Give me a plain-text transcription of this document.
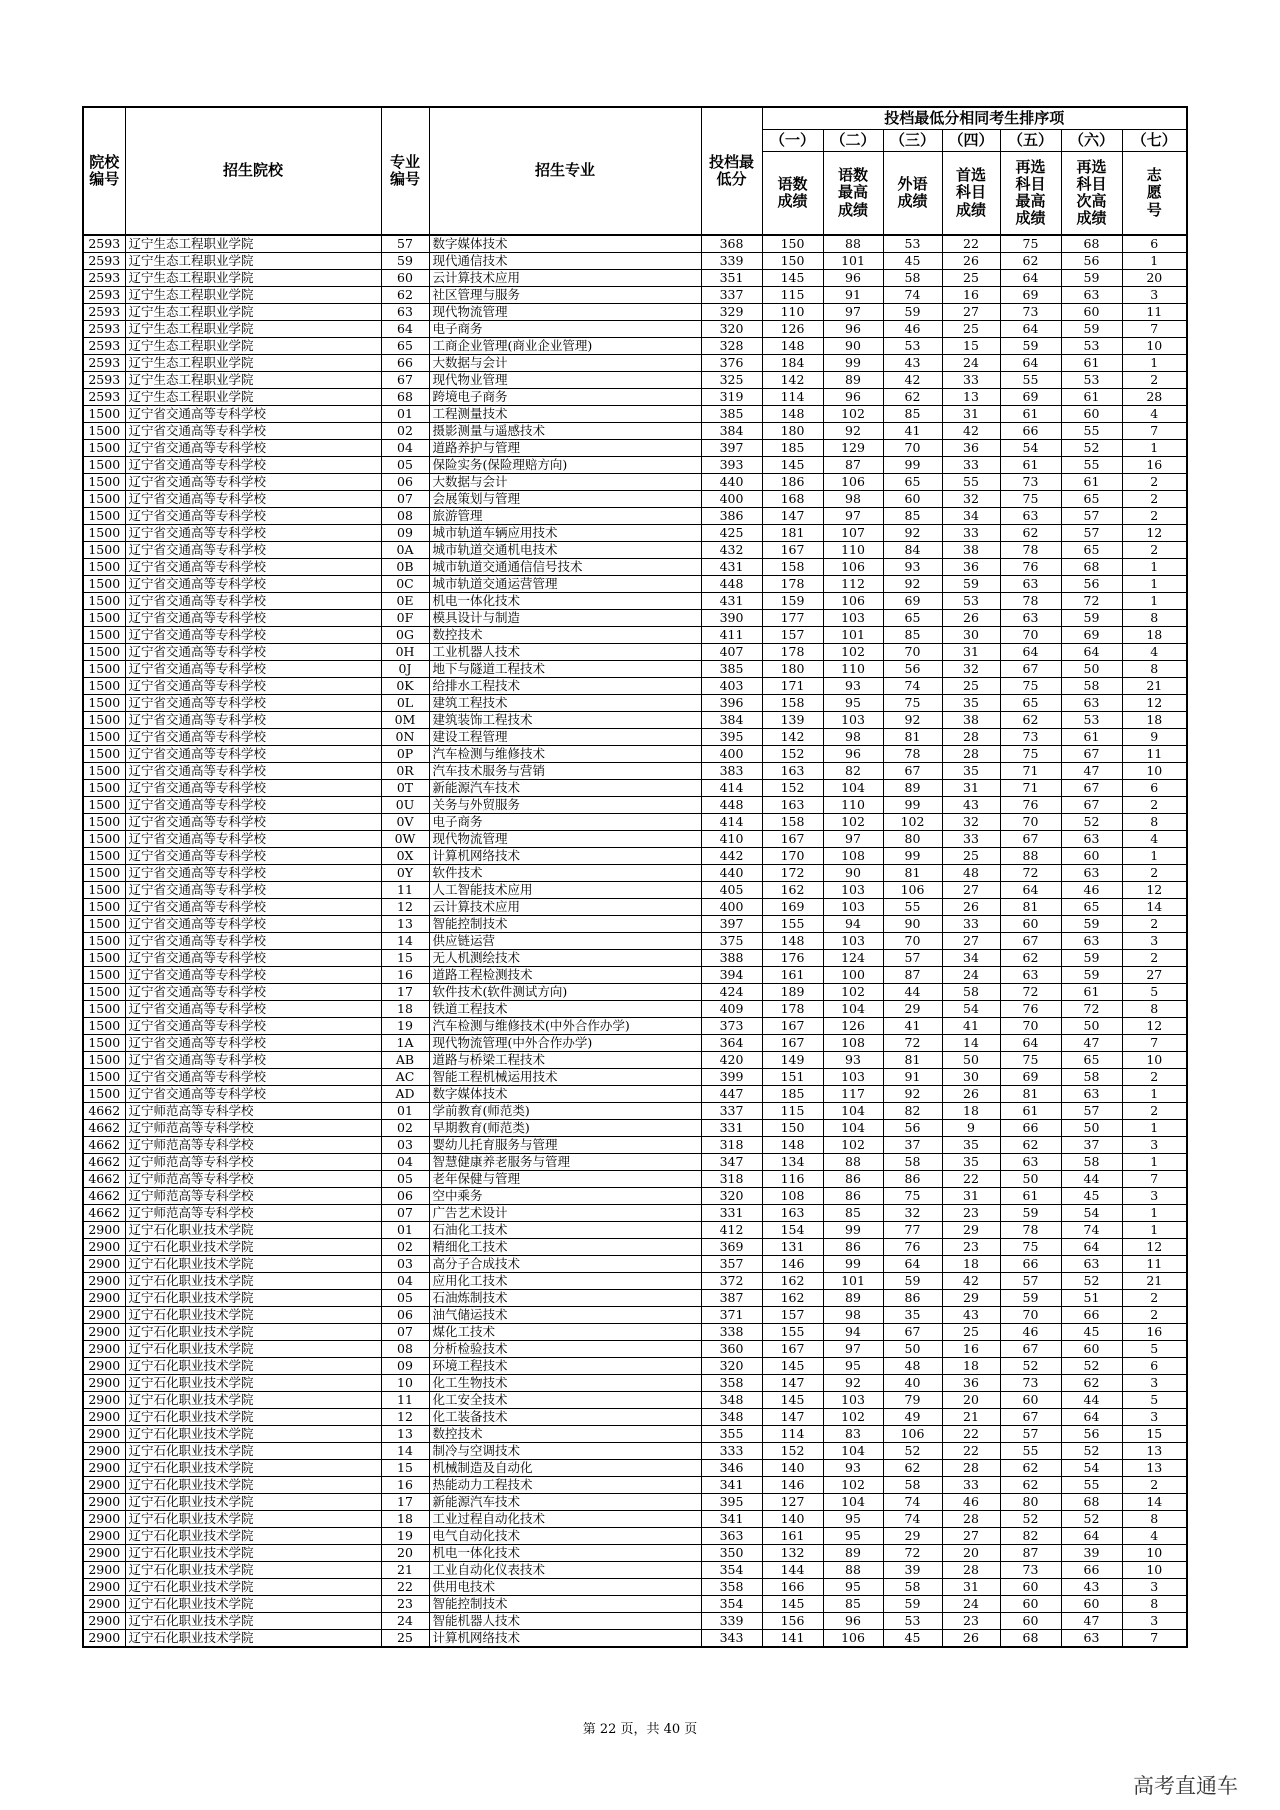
院校编号	招生院校	专业编号	招生专业	投档最低分	投档最低分相同考生排序项						
					（一）	（二）	（三）	（四）	（五）	（六）	（七）
					语数成绩	语数最高成绩	外语成绩	首选科目成绩	再选科目最高成绩	再选科目次高成绩	志愿号
2593	辽宁生态工程职业学院	57	数字媒体技术	368	150	88	53	22	75	68	6
2593	辽宁生态工程职业学院	59	现代通信技术	339	150	101	45	26	62	56	1
2593	辽宁生态工程职业学院	60	云计算技术应用	351	145	96	58	25	64	59	20
2593	辽宁生态工程职业学院	62	社区管理与服务	337	115	91	74	16	69	63	3
2593	辽宁生态工程职业学院	63	现代物流管理	329	110	97	59	27	73	60	11
2593	辽宁生态工程职业学院	64	电子商务	320	126	96	46	25	64	59	7
2593	辽宁生态工程职业学院	65	工商企业管理(商业企业管理)	328	148	90	53	15	59	53	10
2593	辽宁生态工程职业学院	66	大数据与会计	376	184	99	43	24	64	61	1
2593	辽宁生态工程职业学院	67	现代物业管理	325	142	89	42	33	55	53	2
2593	辽宁生态工程职业学院	68	跨境电子商务	319	114	96	62	13	69	61	28
1500	辽宁省交通高等专科学校	01	工程测量技术	385	148	102	85	31	61	60	4
1500	辽宁省交通高等专科学校	02	摄影测量与遥感技术	384	180	92	41	42	66	55	7
1500	辽宁省交通高等专科学校	04	道路养护与管理	397	185	129	70	36	54	52	1
1500	辽宁省交通高等专科学校	05	保险实务(保险理赔方向)	393	145	87	99	33	61	55	16
1500	辽宁省交通高等专科学校	06	大数据与会计	440	186	106	65	55	73	61	2
1500	辽宁省交通高等专科学校	07	会展策划与管理	400	168	98	60	32	75	65	2
1500	辽宁省交通高等专科学校	08	旅游管理	386	147	97	85	34	63	57	2
1500	辽宁省交通高等专科学校	09	城市轨道车辆应用技术	425	181	107	92	33	62	57	12
1500	辽宁省交通高等专科学校	0A	城市轨道交通机电技术	432	167	110	84	38	78	65	2
1500	辽宁省交通高等专科学校	0B	城市轨道交通通信信号技术	431	158	106	93	36	76	68	1
1500	辽宁省交通高等专科学校	0C	城市轨道交通运营管理	448	178	112	92	59	63	56	1
1500	辽宁省交通高等专科学校	0E	机电一体化技术	431	159	106	69	53	78	72	1
1500	辽宁省交通高等专科学校	0F	模具设计与制造	390	177	103	65	26	63	59	8
1500	辽宁省交通高等专科学校	0G	数控技术	411	157	101	85	30	70	69	18
1500	辽宁省交通高等专科学校	0H	工业机器人技术	407	178	102	70	31	64	64	4
1500	辽宁省交通高等专科学校	0J	地下与隧道工程技术	385	180	110	56	32	67	50	8
1500	辽宁省交通高等专科学校	0K	给排水工程技术	403	171	93	74	25	75	58	21
1500	辽宁省交通高等专科学校	0L	建筑工程技术	396	158	95	75	35	65	63	12
1500	辽宁省交通高等专科学校	0M	建筑装饰工程技术	384	139	103	92	38	62	53	18
1500	辽宁省交通高等专科学校	0N	建设工程管理	395	142	98	81	28	73	61	9
1500	辽宁省交通高等专科学校	0P	汽车检测与维修技术	400	152	96	78	28	75	67	11
1500	辽宁省交通高等专科学校	0R	汽车技术服务与营销	383	163	82	67	35	71	47	10
1500	辽宁省交通高等专科学校	0T	新能源汽车技术	414	152	104	89	31	71	67	6
1500	辽宁省交通高等专科学校	0U	关务与外贸服务	448	163	110	99	43	76	67	2
1500	辽宁省交通高等专科学校	0V	电子商务	414	158	102	102	32	70	52	8
1500	辽宁省交通高等专科学校	0W	现代物流管理	410	167	97	80	33	67	63	4
1500	辽宁省交通高等专科学校	0X	计算机网络技术	442	170	108	99	25	88	60	1
1500	辽宁省交通高等专科学校	0Y	软件技术	440	172	90	81	48	72	63	2
1500	辽宁省交通高等专科学校	11	人工智能技术应用	405	162	103	106	27	64	46	12
1500	辽宁省交通高等专科学校	12	云计算技术应用	400	169	103	55	26	81	65	14
1500	辽宁省交通高等专科学校	13	智能控制技术	397	155	94	90	33	60	59	2
1500	辽宁省交通高等专科学校	14	供应链运营	375	148	103	70	27	67	63	3
1500	辽宁省交通高等专科学校	15	无人机测绘技术	388	176	124	57	34	62	59	2
1500	辽宁省交通高等专科学校	16	道路工程检测技术	394	161	100	87	24	63	59	27
1500	辽宁省交通高等专科学校	17	软件技术(软件测试方向)	424	189	102	44	58	72	61	5
1500	辽宁省交通高等专科学校	18	铁道工程技术	409	178	104	29	54	76	72	8
1500	辽宁省交通高等专科学校	19	汽车检测与维修技术(中外合作办学)	373	167	126	41	41	70	50	12
1500	辽宁省交通高等专科学校	1A	现代物流管理(中外合作办学)	364	167	108	72	14	64	47	7
1500	辽宁省交通高等专科学校	AB	道路与桥梁工程技术	420	149	93	81	50	75	65	10
1500	辽宁省交通高等专科学校	AC	智能工程机械运用技术	399	151	103	91	30	69	58	2
1500	辽宁省交通高等专科学校	AD	数字媒体技术	447	185	117	92	26	81	63	1
4662	辽宁师范高等专科学校	01	学前教育(师范类)	337	115	104	82	18	61	57	2
4662	辽宁师范高等专科学校	02	早期教育(师范类)	331	150	104	56	9	66	50	1
4662	辽宁师范高等专科学校	03	婴幼儿托育服务与管理	318	148	102	37	35	62	37	3
4662	辽宁师范高等专科学校	04	智慧健康养老服务与管理	347	134	88	58	35	63	58	1
4662	辽宁师范高等专科学校	05	老年保健与管理	318	116	86	86	22	50	44	7
4662	辽宁师范高等专科学校	06	空中乘务	320	108	86	75	31	61	45	3
4662	辽宁师范高等专科学校	07	广告艺术设计	331	163	85	32	23	59	54	1
2900	辽宁石化职业技术学院	01	石油化工技术	412	154	99	77	29	78	74	1
2900	辽宁石化职业技术学院	02	精细化工技术	369	131	86	76	23	75	64	12
2900	辽宁石化职业技术学院	03	高分子合成技术	357	146	99	64	18	66	63	11
2900	辽宁石化职业技术学院	04	应用化工技术	372	162	101	59	42	57	52	21
2900	辽宁石化职业技术学院	05	石油炼制技术	387	162	89	86	29	59	51	2
2900	辽宁石化职业技术学院	06	油气储运技术	371	157	98	35	43	70	66	2
2900	辽宁石化职业技术学院	07	煤化工技术	338	155	94	67	25	46	45	16
2900	辽宁石化职业技术学院	08	分析检验技术	360	167	97	50	16	67	60	5
2900	辽宁石化职业技术学院	09	环境工程技术	320	145	95	48	18	52	52	6
2900	辽宁石化职业技术学院	10	化工生物技术	358	147	92	40	36	73	62	3
2900	辽宁石化职业技术学院	11	化工安全技术	348	145	103	79	20	60	44	5
2900	辽宁石化职业技术学院	12	化工装备技术	348	147	102	49	21	67	64	3
2900	辽宁石化职业技术学院	13	数控技术	355	114	83	106	22	57	56	15
2900	辽宁石化职业技术学院	14	制冷与空调技术	333	152	104	52	22	55	52	13
2900	辽宁石化职业技术学院	15	机械制造及自动化	346	140	93	62	28	62	54	13
2900	辽宁石化职业技术学院	16	热能动力工程技术	341	146	102	58	33	62	55	2
2900	辽宁石化职业技术学院	17	新能源汽车技术	395	127	104	74	46	80	68	14
2900	辽宁石化职业技术学院	18	工业过程自动化技术	341	140	95	74	28	52	52	8
2900	辽宁石化职业技术学院	19	电气自动化技术	363	161	95	29	27	82	64	4
2900	辽宁石化职业技术学院	20	机电一体化技术	350	132	89	72	20	87	39	10
2900	辽宁石化职业技术学院	21	工业自动化仪表技术	354	144	88	39	28	73	66	10
2900	辽宁石化职业技术学院	22	供用电技术	358	166	95	58	31	60	43	3
2900	辽宁石化职业技术学院	23	智能控制技术	354	145	85	59	24	60	60	8
2900	辽宁石化职业技术学院	24	智能机器人技术	339	156	96	53	23	60	47	3
2900	辽宁石化职业技术学院	25	计算机网络技术	343	141	106	45	26	68	63	7
第 22 页，共 40 页
高考直通车
